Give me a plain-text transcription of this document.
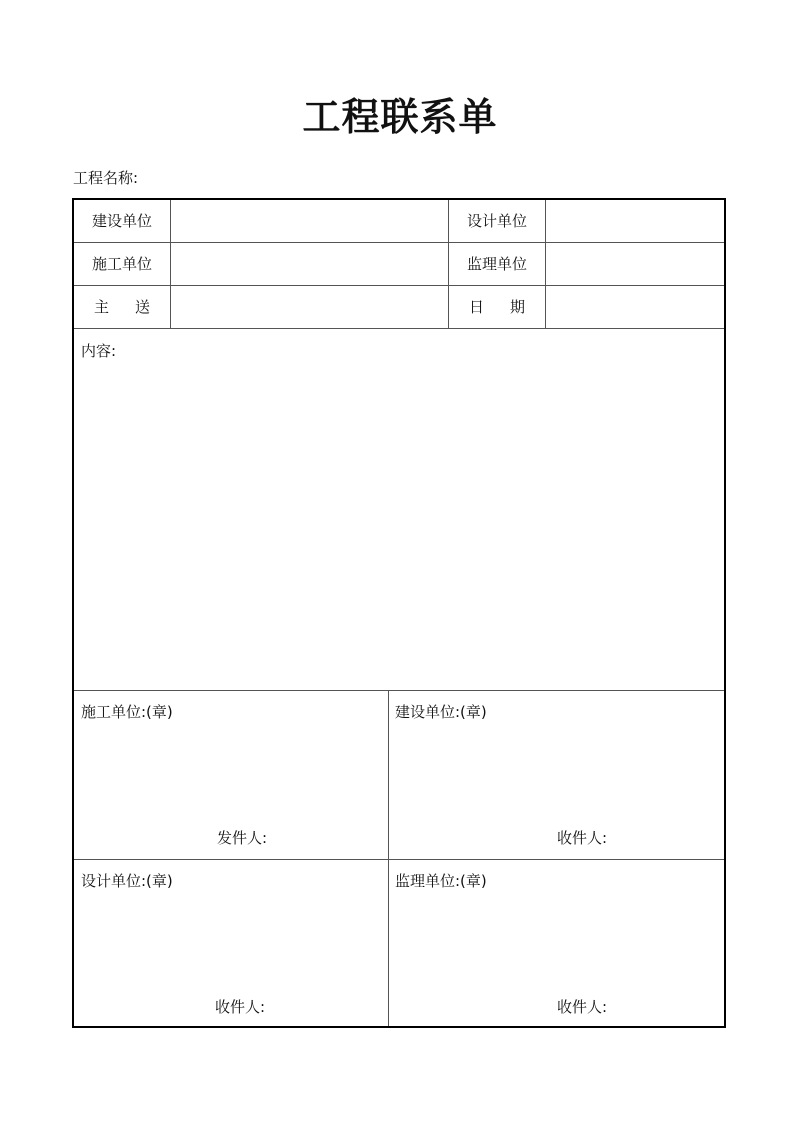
工程联系单
工程名称:
建设单位	设计单位
施工单位	监理单位
主送	日期
内容:
施工单位:(章)
发件人:
建设单位:(章)
收件人:
设计单位:(章)
收件人:
监理单位:(章)
收件人:
